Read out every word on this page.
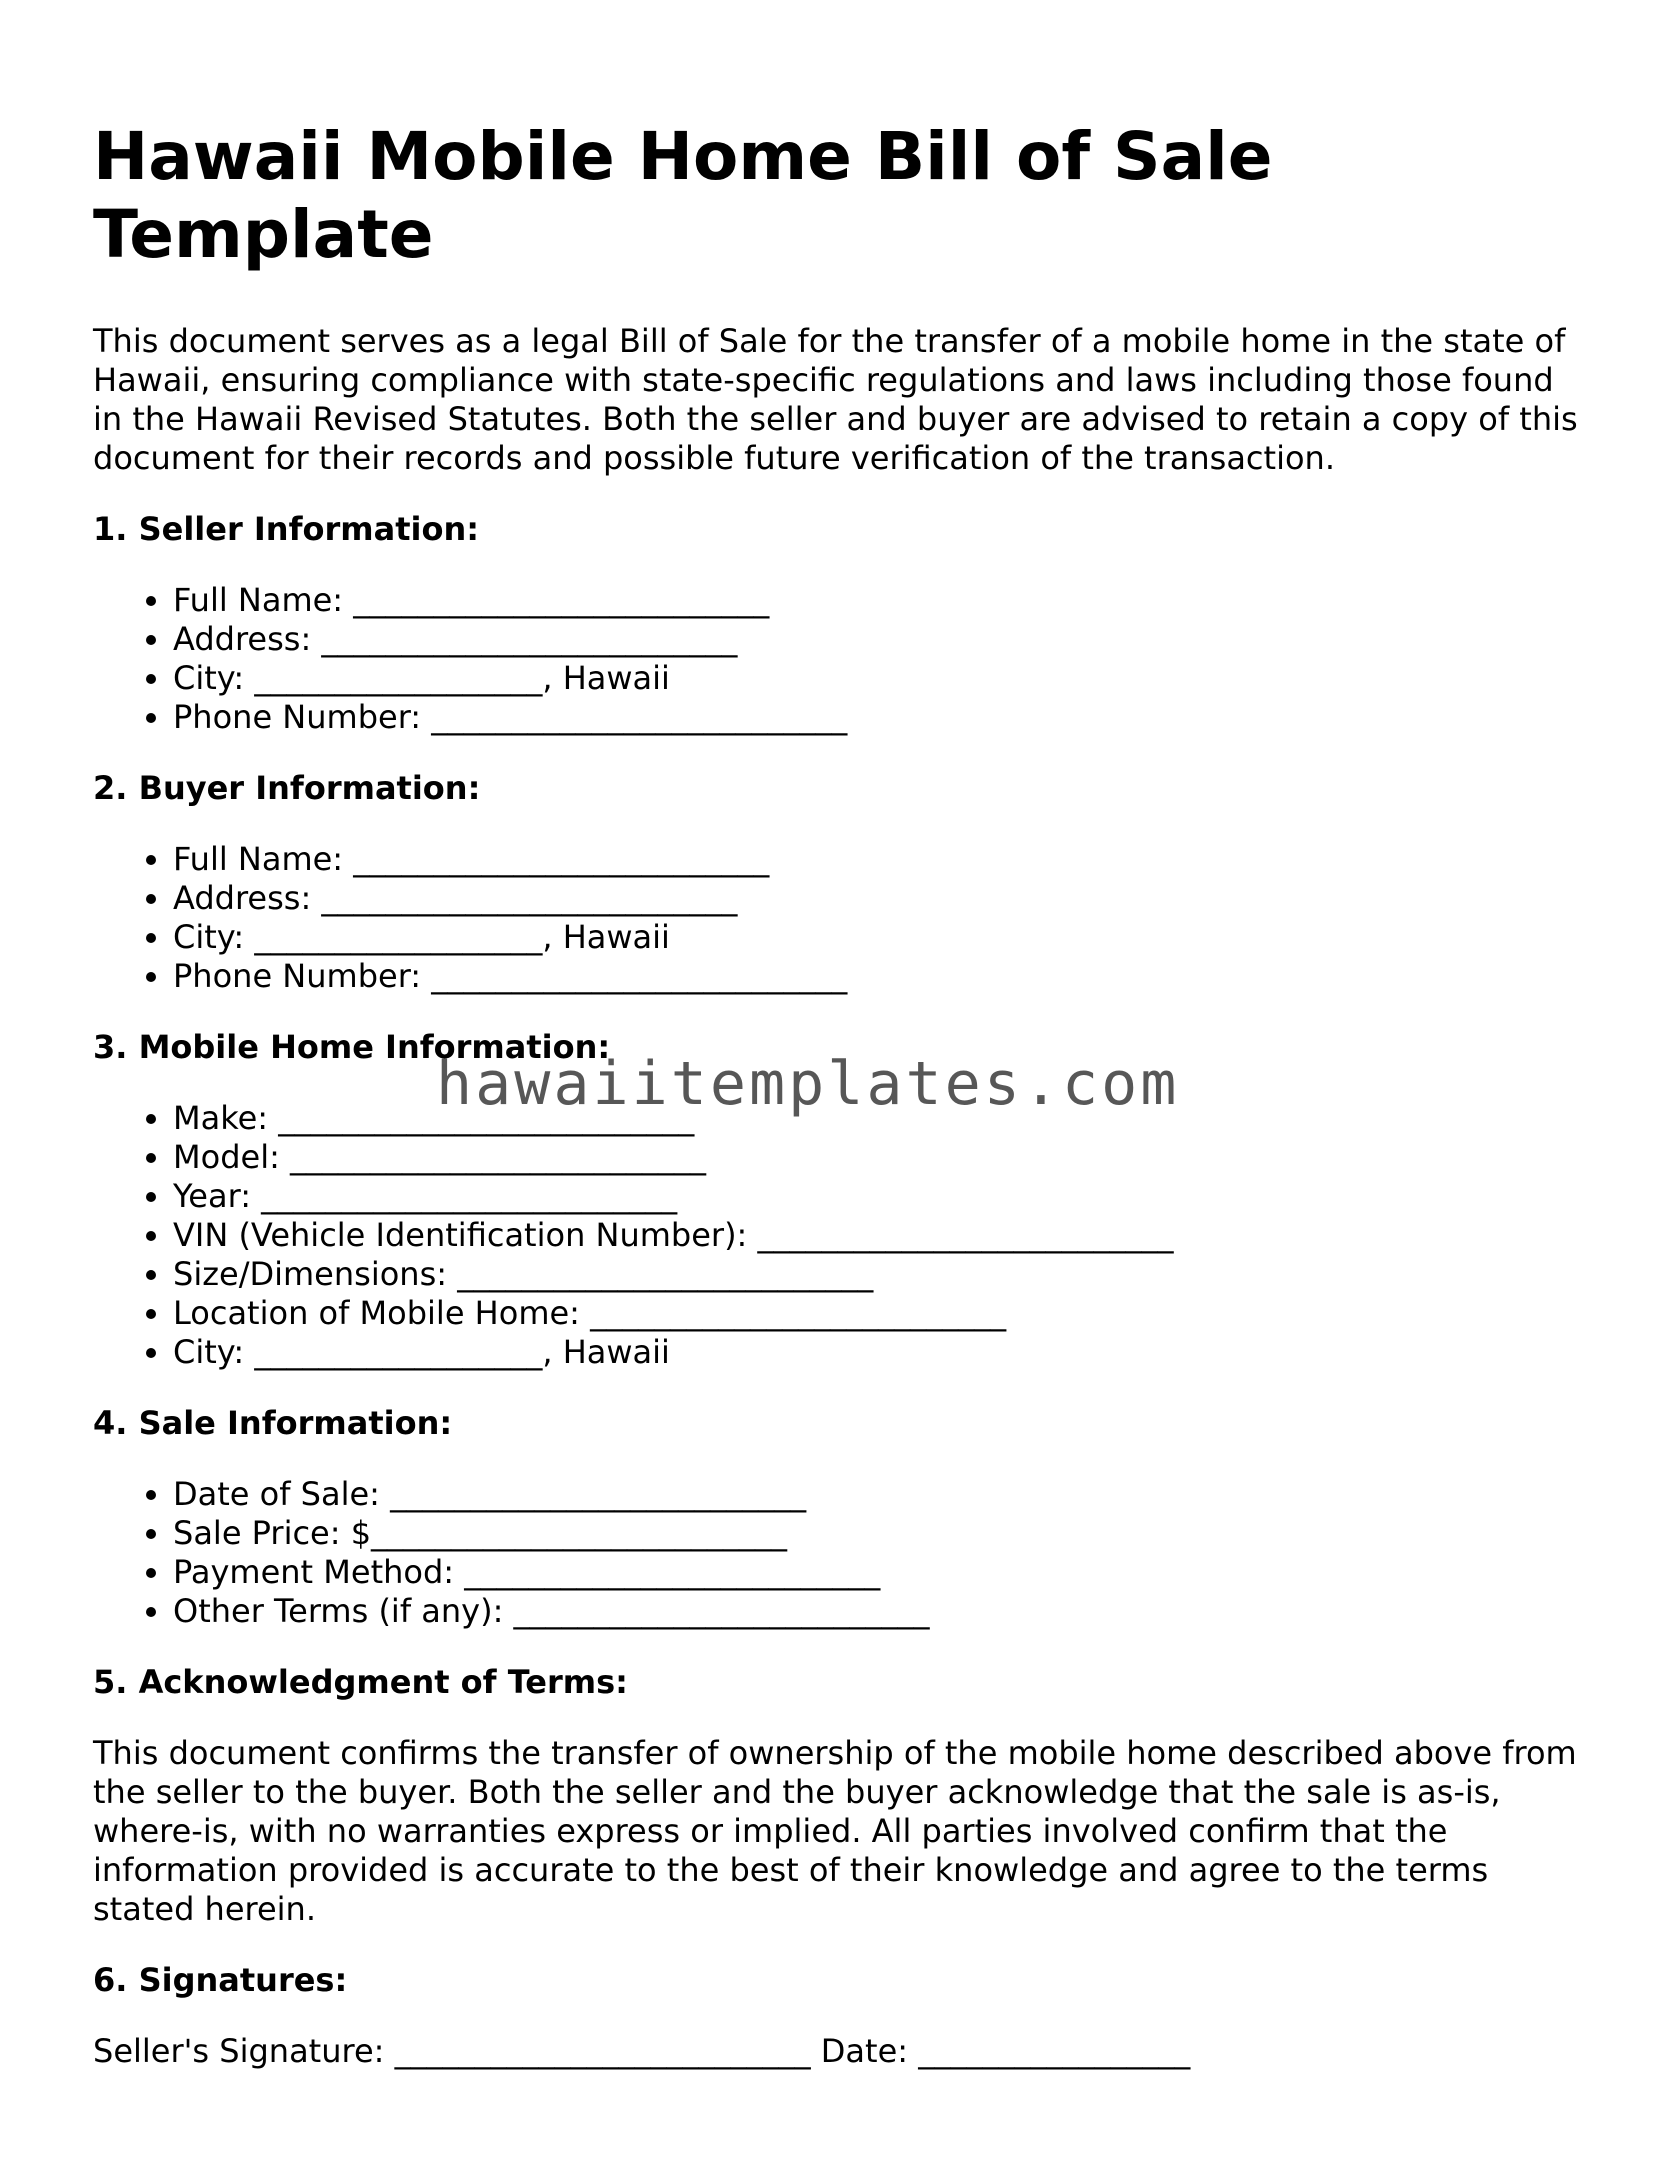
Hawaii Mobile Home Bill of Sale Template

This document serves as a legal Bill of Sale for the transfer of a mobile home in the state of Hawaii, ensuring compliance with state-specific regulations and laws including those found in the Hawaii Revised Statutes. Both the seller and buyer are advised to retain a copy of this document for their records and possible future verification of the transaction.

1. Seller Information:
• Full Name: __________________________
• Address: __________________________
• City: __________________, Hawaii
• Phone Number: __________________________
2. Buyer Information:
• Full Name: __________________________
• Address: __________________________
• City: __________________, Hawaii
• Phone Number: __________________________
3. Mobile Home Information:
• Make: __________________________
• Model: __________________________
• Year: __________________________
• VIN (Vehicle Identification Number): __________________________
• Size/Dimensions: __________________________
• Location of Mobile Home: __________________________
• City: __________________, Hawaii
4. Sale Information:
• Date of Sale: __________________________
• Sale Price: $__________________________
• Payment Method: __________________________
• Other Terms (if any): __________________________
5. Acknowledgment of Terms:

This document confirms the transfer of ownership of the mobile home described above from the seller to the buyer. Both the seller and the buyer acknowledge that the sale is as-is, where-is, with no warranties express or implied. All parties involved confirm that the information provided is accurate to the best of their knowledge and agree to the terms stated herein.

6. Signatures:
Seller's Signature: __________________________ Date: _________________
hawaiitemplates.com
